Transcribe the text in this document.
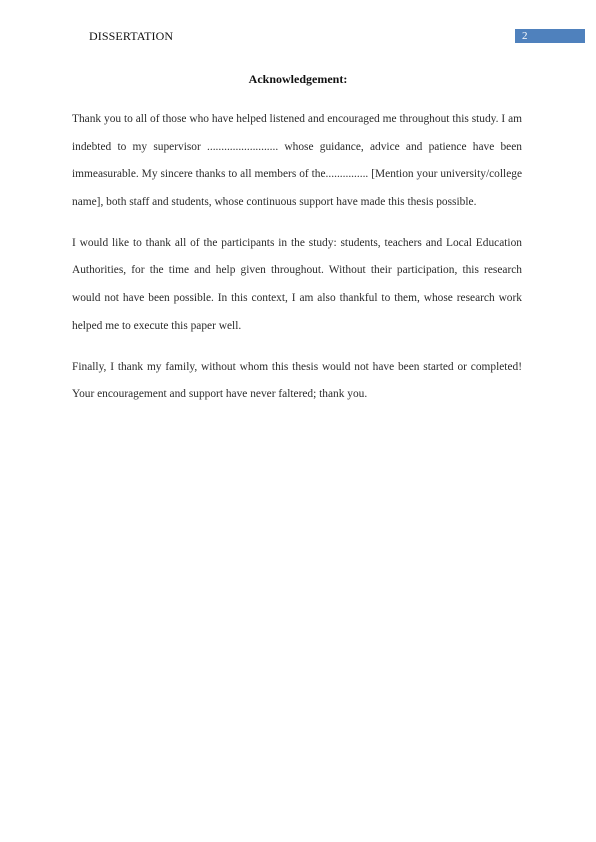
DISSERTATION	2
Acknowledgement:

Thank you to all of those who have helped listened and encouraged me throughout this study. I am indebted to my supervisor ......................... whose guidance, advice and patience have been immeasurable. My sincere thanks to all members of the............... [Mention your university/college name], both staff and students, whose continuous support have made this thesis possible.

I would like to thank all of the participants in the study: students, teachers and Local Education Authorities, for the time and help given throughout. Without their participation, this research would not have been possible. In this context, I am also thankful to them, whose research work helped me to execute this paper well.

Finally, I thank my family, without whom this thesis would not have been started or completed! Your encouragement and support have never faltered; thank you.
